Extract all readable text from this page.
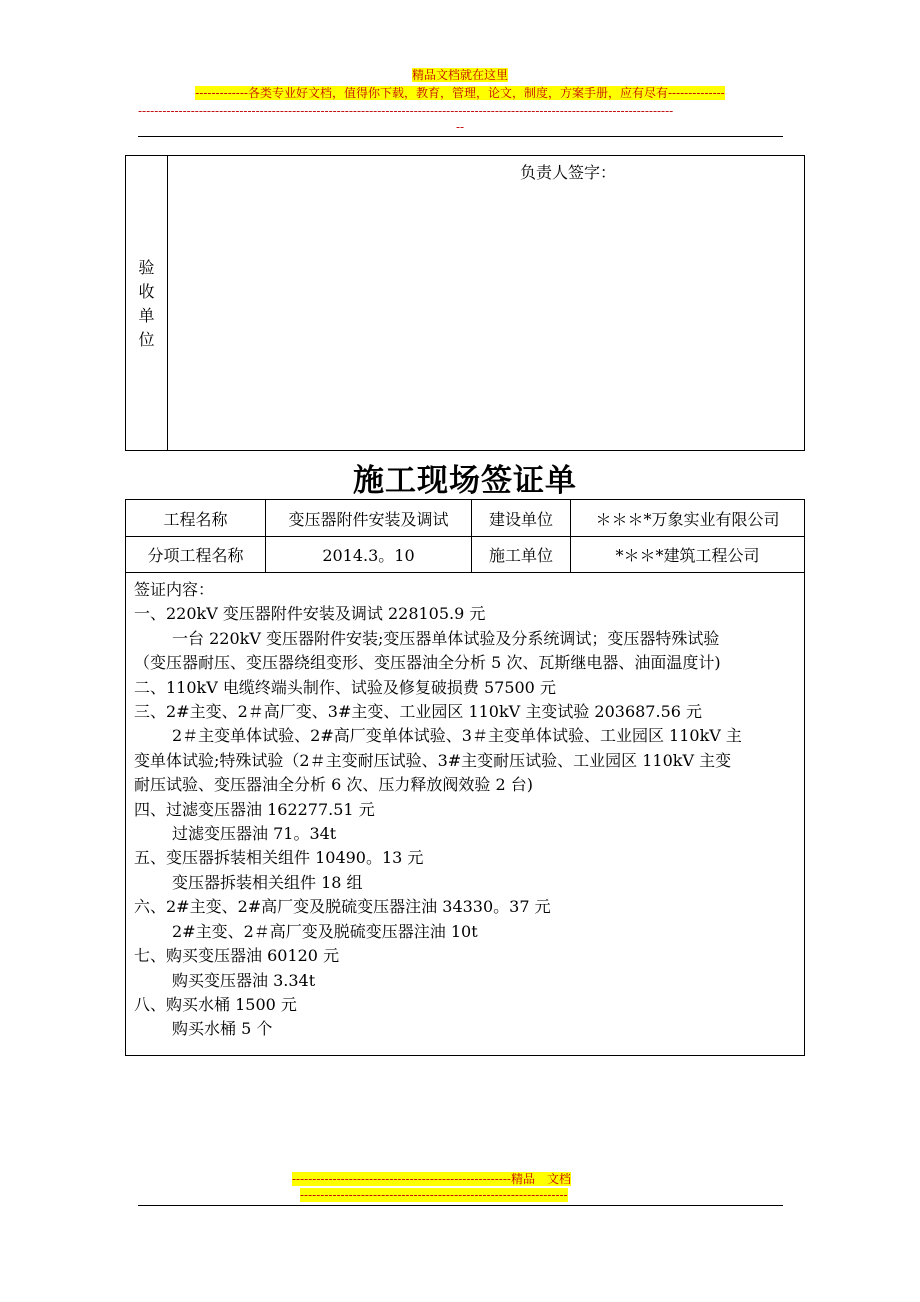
精品文档就在这里
-------------各类专业好文档，值得你下载，教育，管理，论文，制度，方案手册，应有尽有--------------
------------------------------------------------------------------------------------------------------------------------------------
--
验
收
单
位
负责人签字：
施工现场签证单
工程名称	变压器附件安装及调试	建设单位	＊＊＊*万象实业有限公司
分项工程名称	2014.3。10	施工单位	*＊＊*建筑工程公司
签证内容：
一、220kV 变压器附件安装及调试 228105.9 元
一台 220kV 变压器附件安装;变压器单体试验及分系统调试；变压器特殊试验
（变压器耐压、变压器绕组变形、变压器油全分析 5 次、瓦斯继电器、油面温度计)
二、110kV 电缆终端头制作、试验及修复破损费 57500 元
三、2#主变、2＃高厂变、3#主变、工业园区 110kV 主变试验 203687.56 元
2＃主变单体试验、2#高厂变单体试验、3＃主变单体试验、工业园区 110kV 主
变单体试验;特殊试验（2＃主变耐压试验、3#主变耐压试验、工业园区 110kV 主变
耐压试验、变压器油全分析 6 次、压力释放阀效验 2 台)
四、过滤变压器油 162277.51 元
过滤变压器油 71。34t
五、变压器拆装相关组件 10490。13 元
变压器拆装相关组件 18 组
六、2#主变、2#高厂变及脱硫变压器注油 34330。37 元
2#主变、2＃高厂变及脱硫变压器注油 10t
七、购买变压器油 60120 元
购买变压器油 3.34t
八、购买水桶 1500 元
购买水桶 5 个
------------------------------------------------------精品　文档
------------------------------------------------------------------
